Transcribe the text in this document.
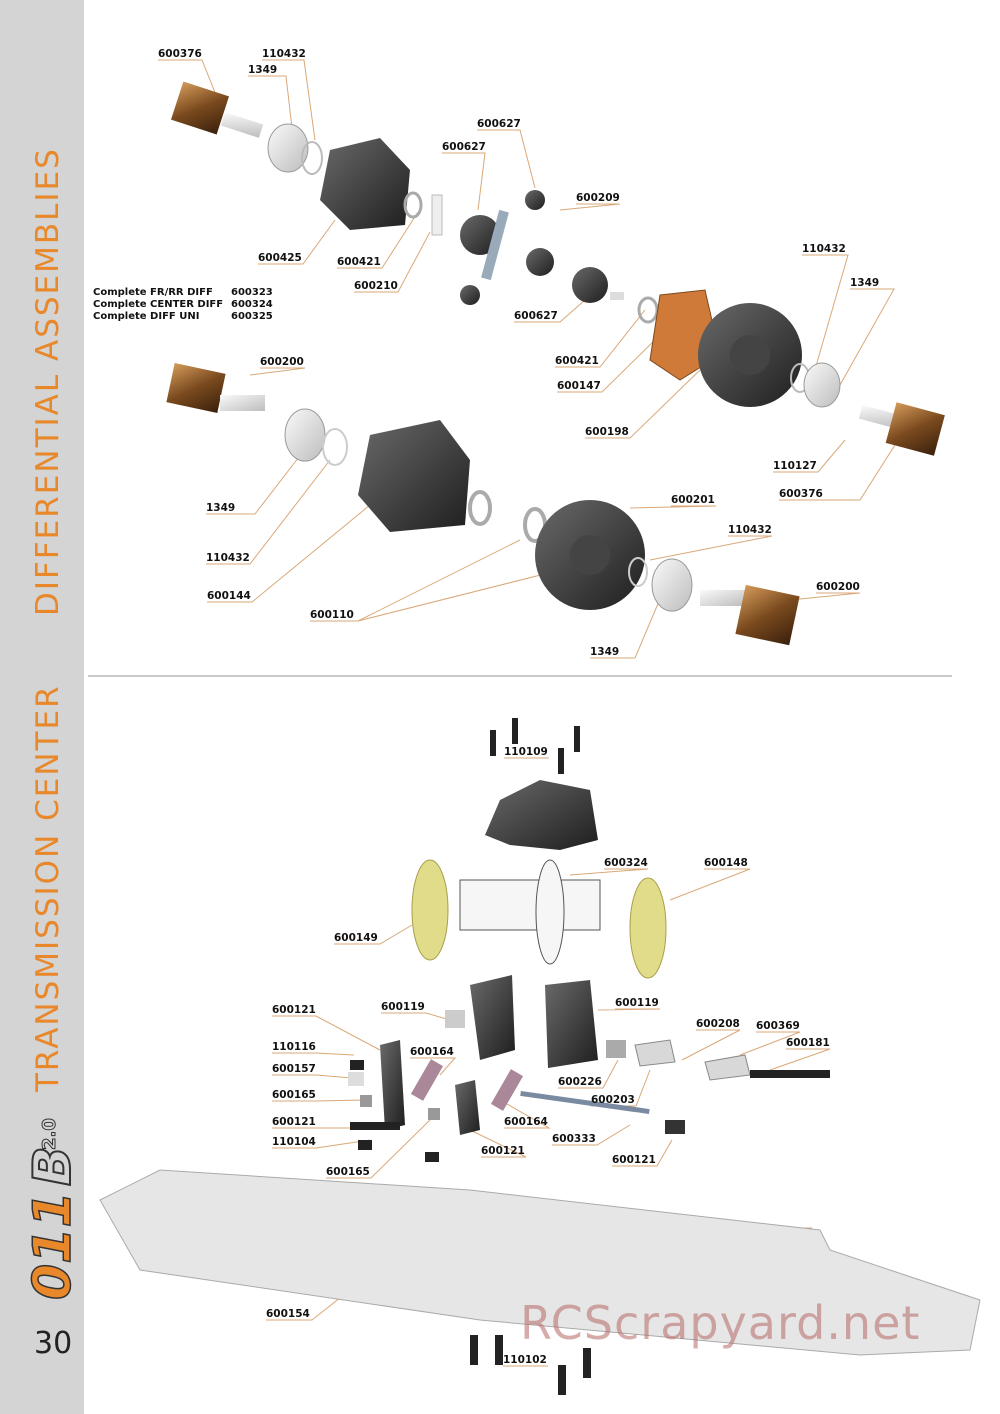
DIFFERENTIAL ASSEMBLIES
TRANSMISSION CENTER
011
B
2.0
30
Complete FR/RR DIFF	600323
Complete CENTER DIFF 600324
Complete DIFF UNI	600325
600376	110432
1349
600627
600627
600209
600425	600421
600210
600627
110432
1349
600421
600147
600200
600198
110127
600376
1349
600201
110432
110432
600144
600110
600200
1349
110109
600324	600148
600149
600119	600119
600121
600208 600369
110116	600164
600181
600157
600226
600165	600203
600164
600121
600333
110104
600121
600121
600165
600154
110102
RCScrapyard.net
